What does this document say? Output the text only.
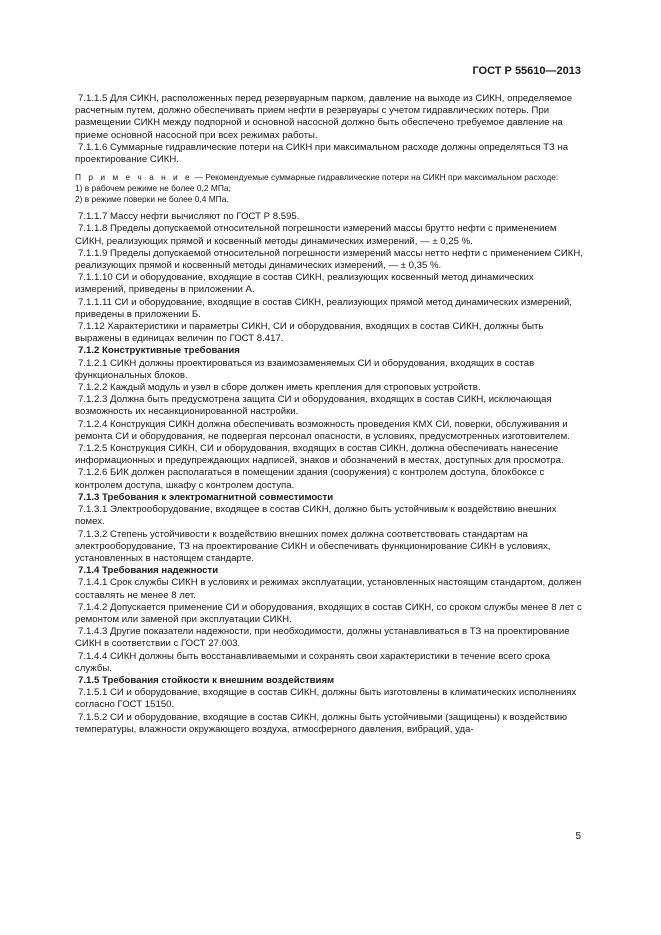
ГОСТ Р 55610—2013

7.1.1.5 Для СИКН, расположенных перед резервуарным парком, давление на выходе из СИКН, определяемое расчетным путем, должно обеспечивать прием нефти в резервуары с учетом гидравлических потерь. При размещении СИКН между подпорной и основной насосной должно быть обеспечено требуемое давление на приеме основной насосной при всех режимах работы.

7.1.1.6 Суммарные гидравлические потери на СИКН при максимальном расходе должны определяться ТЗ на проектирование СИКН.

П р и м е ч а н и е — Рекомендуемые суммарные гидравлические потери на СИКН при максимальном расходе:

1) в рабочем режиме не более 0,2 МПа;

2) в режиме поверки не более 0,4 МПа.

7.1.1.7 Массу нефти вычисляют по ГОСТ Р 8.595.

7.1.1.8 Пределы допускаемой относительной погрешности измерений массы брутто нефти с применением СИКН, реализующих прямой и косвенный методы динамических измерений, — ± 0,25 %.

7.1.1.9 Пределы допускаемой относительной погрешности измерений массы нетто нефти с применением СИКН, реализующих прямой и косвенный методы динамических измерений, — ± 0,35 %.

7.1.1.10 СИ и оборудование, входящие в состав СИКН, реализующих косвенный метод динамических измерений, приведены в приложении А.

7.1.1.11 СИ и оборудование, входящие в состав СИКН, реализующих прямой метод динамических измерений, приведены в приложении Б.

7.1.12 Характеристики и параметры СИКН, СИ и оборудования, входящих в состав СИКН, должны быть выражены в единицах величин по ГОСТ 8.417.

7.1.2 Конструктивные требования

7.1.2.1 СИКН должны проектироваться из взаимозаменяемых СИ и оборудования, входящих в состав функциональных блоков.

7.1.2.2 Каждый модуль и узел в сборе должен иметь крепления для строповых устройств.

7.1.2.3 Должна быть предусмотрена защита СИ и оборудования, входящих в состав СИКН, исключающая возможность их несанкционированной настройки.

7.1.2.4 Конструкция СИКН должна обеспечивать возможность проведения КМХ СИ, поверки, обслуживания и ремонта СИ и оборудования, не подвергая персонал опасности, в условиях, предусмотренных изготовителем.

7.1.2.5 Конструкция СИКН, СИ и оборудования, входящих в состав СИКН, должна обеспечивать нанесение информационных и предупреждающих надписей, знаков и обозначений в местах, доступных для просмотра.

7.1.2.6 БИК должен располагаться в помещении здания (сооружения) с контролем доступа, блокбоксе с контролем доступа, шкафу с контролем доступа.

7.1.3 Требования к электромагнитной совместимости

7.1.3.1 Электрооборудование, входящее в состав СИКН, должно быть устойчивым к воздействию внешних помех.

7.1.3.2 Степень устойчивости к воздействию внешних помех должна соответствовать стандартам на электрооборудование, ТЗ на проектирование СИКН и обеспечивать функционирование СИКН в условиях, установленных в настоящем стандарте.

7.1.4 Требования надежности

7.1.4.1 Срок службы СИКН в условиях и режимах эксплуатации, установленных настоящим стандартом, должен составлять не менее 8 лет.

7.1.4.2 Допускается применение СИ и оборудования, входящих в состав СИКН, со сроком службы менее 8 лет с ремонтом или заменой при эксплуатации СИКН.

7.1.4.3 Другие показатели надежности, при необходимости, должны устанавливаться в ТЗ на проектирование СИКН в соответствии с ГОСТ 27.003.

7.1.4.4 СИКН должны быть восстанавливаемыми и сохранять свои характеристики в течение всего срока службы.

7.1.5 Требования стойкости к внешним воздействиям

7.1.5.1 СИ и оборудование, входящие в состав СИКН, должны быть изготовлены в климатических исполнениях согласно ГОСТ 15150.

7.1.5.2 СИ и оборудование, входящие в состав СИКН, должны быть устойчивыми (защищены) к воздействию температуры, влажности окружающего воздуха, атмосферного давления, вибраций, уда-

5
